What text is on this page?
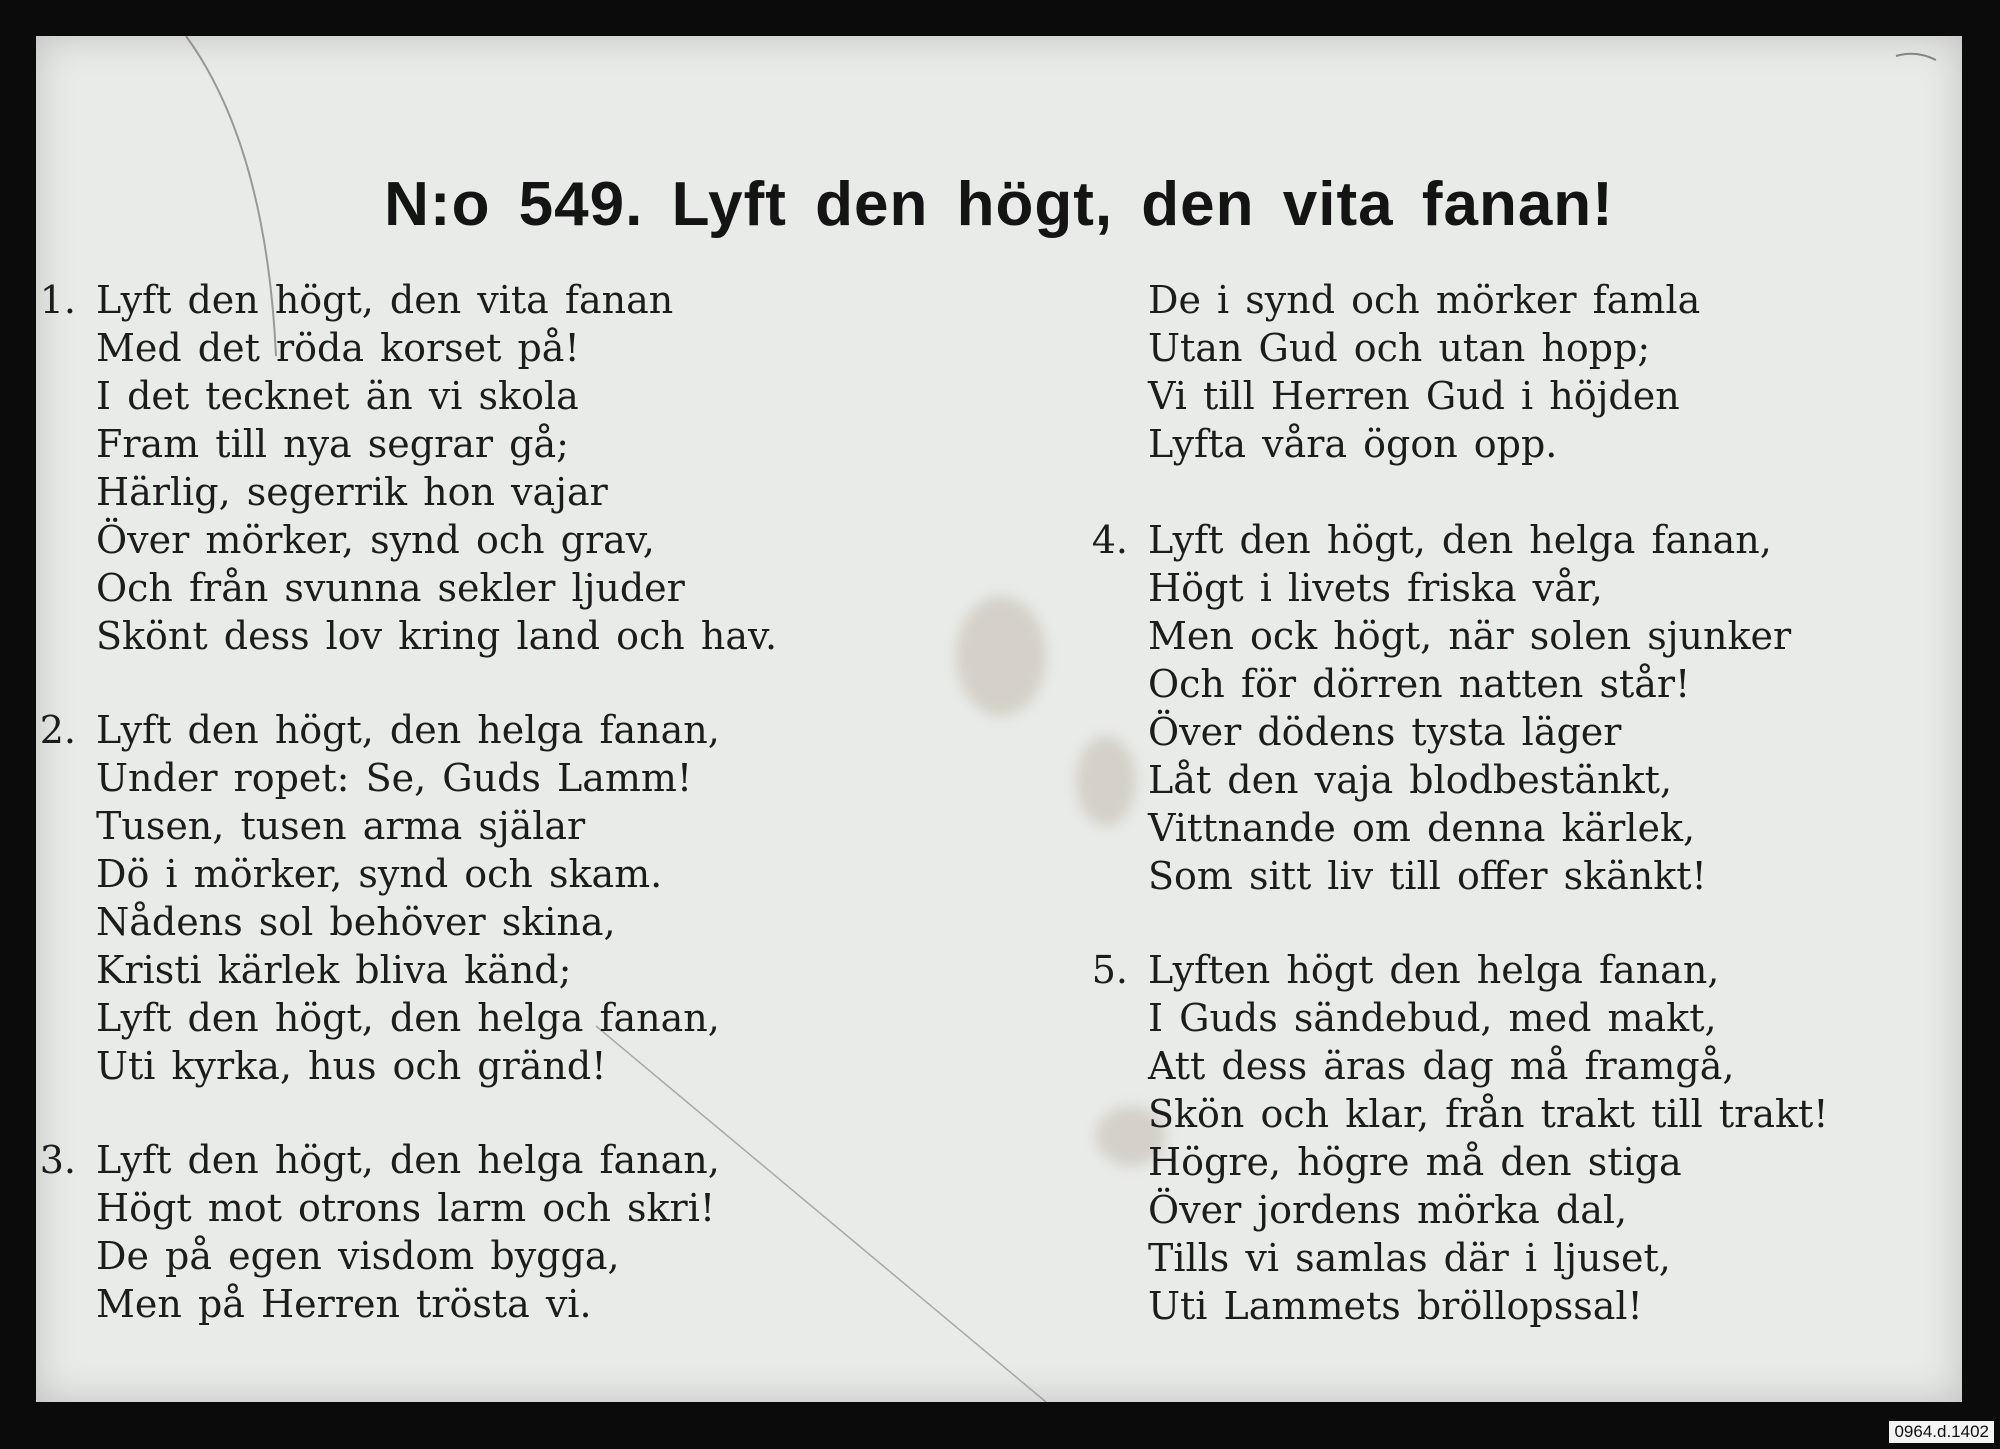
N:o 549. Lyft den högt, den vita fanan!
1. Lyft den högt, den vita fanan
Med det röda korset på!
I det tecknet än vi skola
Fram till nya segrar gå;
Härlig, segerrik hon vajar
Över mörker, synd och grav,
Och från svunna sekler ljuder
Skönt dess lov kring land och hav.
2. Lyft den högt, den helga fanan,
Under ropet: Se, Guds Lamm!
Tusen, tusen arma själar
Dö i mörker, synd och skam.
Nådens sol behöver skina,
Kristi kärlek bliva känd;
Lyft den högt, den helga fanan,
Uti kyrka, hus och gränd!
3. Lyft den högt, den helga fanan,
Högt mot otrons larm och skri!
De på egen visdom bygga,
Men på Herren trösta vi.
De i synd och mörker famla
Utan Gud och utan hopp;
Vi till Herren Gud i höjden
Lyfta våra ögon opp.
4. Lyft den högt, den helga fanan,
Högt i livets friska vår,
Men ock högt, när solen sjunker
Och för dörren natten står!
Över dödens tysta läger
Låt den vaja blodbestänkt,
Vittnande om denna kärlek,
Som sitt liv till offer skänkt!
5. Lyften högt den helga fanan,
I Guds sändebud, med makt,
Att dess äras dag må framgå,
Skön och klar, från trakt till trakt!
Högre, högre må den stiga
Över jordens mörka dal,
Tills vi samlas där i ljuset,
Uti Lammets bröllopssal!
0964.d.1402
